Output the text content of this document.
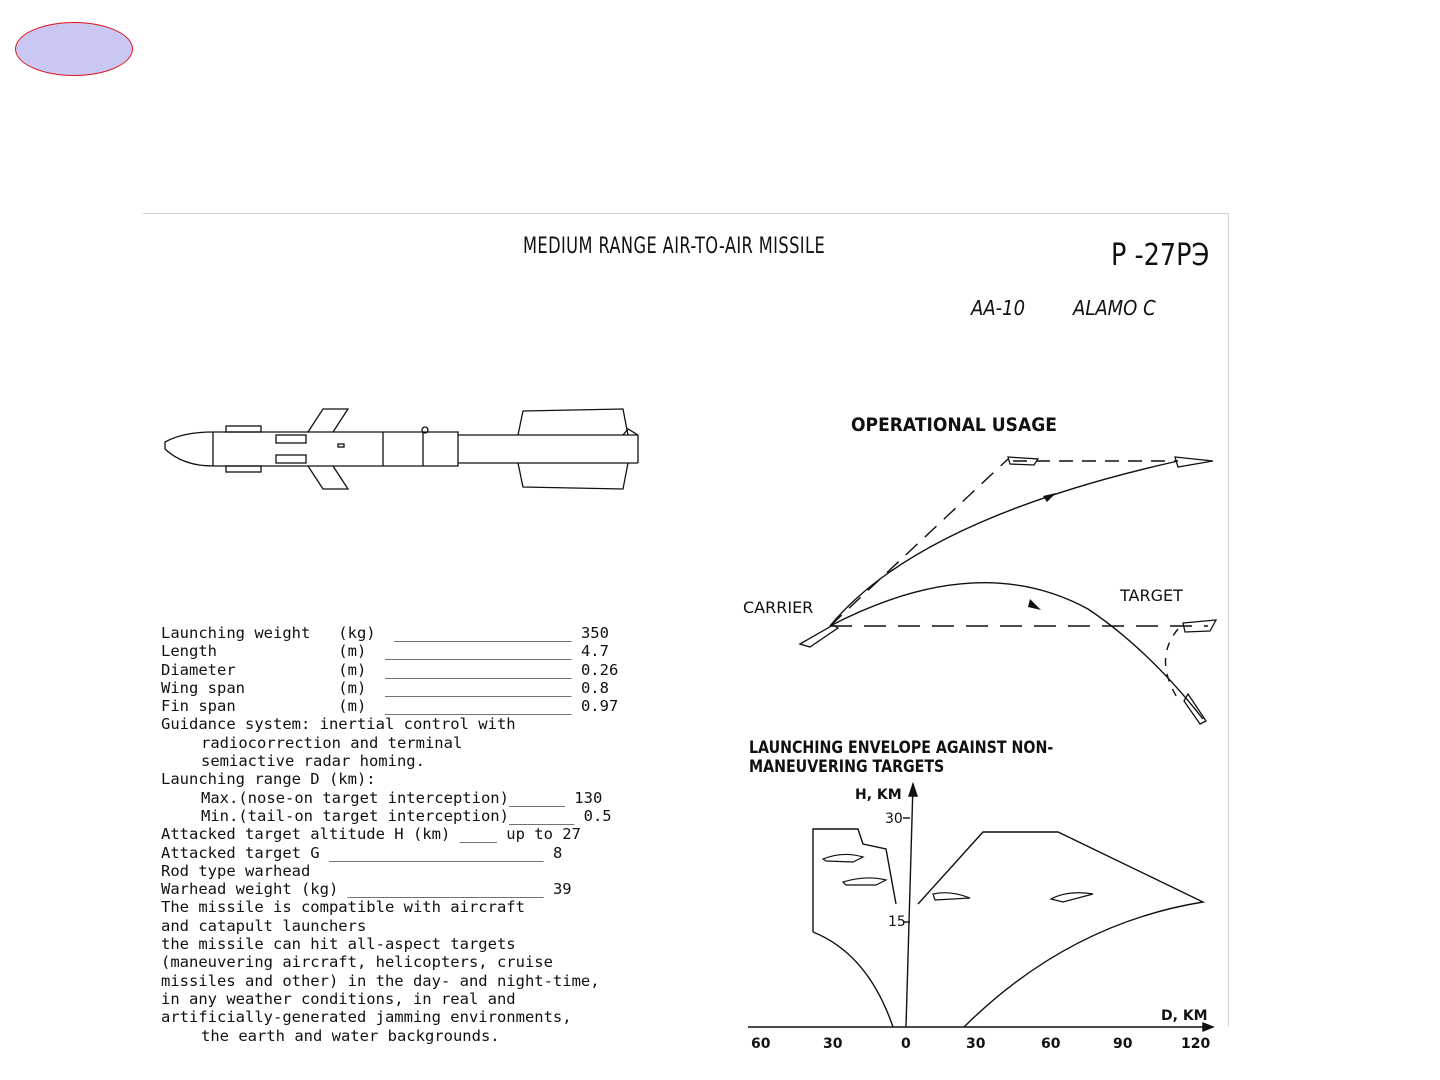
MEDIUM RANGE AIR-TO-AIR MISSILE	Р -27РЭ
AA-10 ALAMO C
Launching weight   (kg)  ___________________ 350
Length             (m)  ____________________ 4.7
Diameter           (m)  ____________________ 0.26
Wing span          (m)  ____________________ 0.8
Fin span           (m)  ____________________ 0.97
Guidance system: inertial control with
radiocorrection and terminal
semiactive radar homing.
Launching range D (km):
Max.(nose-on target interception)______ 130
Min.(tail-on target interception)_______ 0.5
Attacked target altitude H (km) ____ up to 27
Attacked target G _______________________ 8
Rod type warhead
Warhead weight (kg) _____________________ 39
The missile is compatible with aircraft
and catapult launchers
the missile can hit all-aspect targets
(maneuvering aircraft, helicopters, cruise
missiles and other) in the day- and night-time,
in any weather conditions, in real and
artificially-generated jamming environments,
the earth and water backgrounds.
OPERATIONAL USAGE
CARRIER
TARGET
LAUNCHING ENVELOPE AGAINST NON-MANEUVERING TARGETS
H, KM
D, KM
30
15
60	30	0	30	60	90	120
